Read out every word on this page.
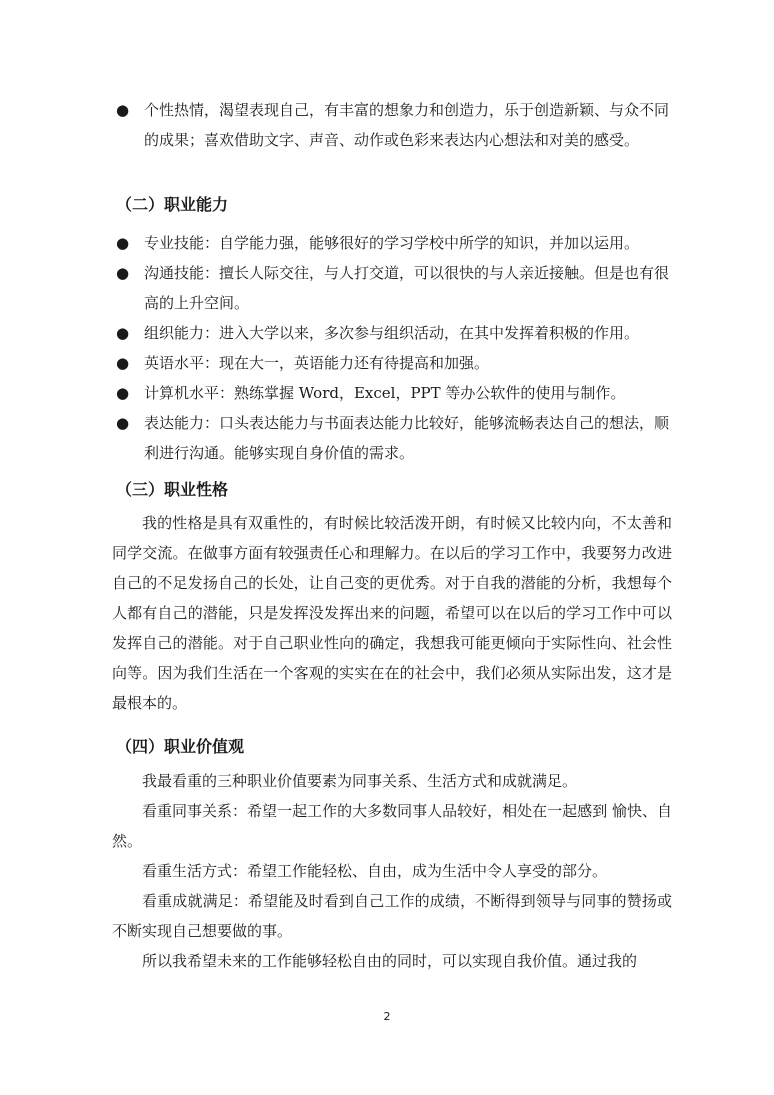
● 个性热情，渴望表现自己，有丰富的想象力和创造力，乐于创造新颖、与众不同的成果；喜欢借助文字、声音、动作或色彩来表达内心想法和对美的感受。
（二）职业能力
● 专业技能：自学能力强，能够很好的学习学校中所学的知识，并加以运用。
● 沟通技能：擅长人际交往，与人打交道，可以很快的与人亲近接触。但是也有很高的上升空间。
● 组织能力：进入大学以来，多次参与组织活动，在其中发挥着积极的作用。
● 英语水平：现在大一，英语能力还有待提高和加强。
● 计算机水平：熟练掌握 Word，Excel，PPT 等办公软件的使用与制作。
● 表达能力：口头表达能力与书面表达能力比较好，能够流畅表达自己的想法，顺利进行沟通。能够实现自身价值的需求。
（三）职业性格
我的性格是具有双重性的，有时候比较活泼开朗，有时候又比较内向，不太善和同学交流。在做事方面有较强责任心和理解力。在以后的学习工作中，我要努力改进自己的不足发扬自己的长处，让自己变的更优秀。对于自我的潜能的分析，我想每个人都有自己的潜能，只是发挥没发挥出来的问题，希望可以在以后的学习工作中可以发挥自己的潜能。对于自己职业性向的确定，我想我可能更倾向于实际性向、社会性向等。因为我们生活在一个客观的实实在在的社会中，我们必须从实际出发，这才是最根本的。
（四）职业价值观
我最看重的三种职业价值要素为同事关系、生活方式和成就满足。
看重同事关系：希望一起工作的大多数同事人品较好，相处在一起感到 愉快、自然。
看重生活方式：希望工作能轻松、自由，成为生活中令人享受的部分。
看重成就满足：希望能及时看到自己工作的成绩，不断得到领导与同事的赞扬或不断实现自己想要做的事。
所以我希望未来的工作能够轻松自由的同时，可以实现自我价值。通过我的
2
